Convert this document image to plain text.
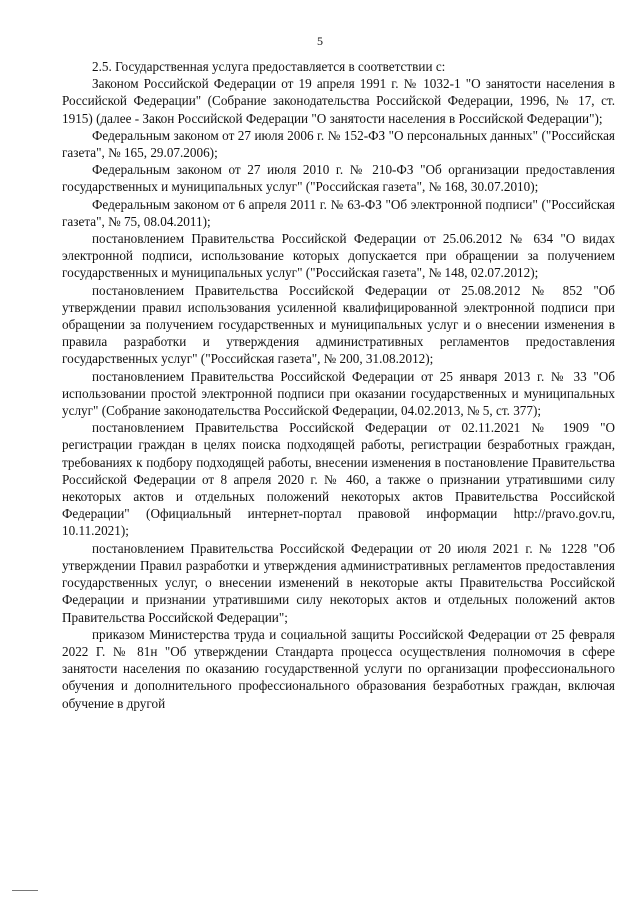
5

2.5. Государственная услуга предоставляется в соответствии с:

Законом Российской Федерации от 19 апреля 1991 г. № 1032-1 "О занятости населения в Российской Федерации" (Собрание законодательства Российской Федерации, 1996, № 17, ст. 1915) (далее - Закон Российской Федерации "О занятости населения в Российской Федерации");

Федеральным законом от 27 июля 2006 г. № 152-ФЗ "О персональных данных" ("Российская газета", № 165, 29.07.2006);

Федеральным законом от 27 июля 2010 г. № 210-ФЗ "Об организации предоставления государственных и муниципальных услуг" ("Российская газета", № 168, 30.07.2010);

Федеральным законом от 6 апреля 2011 г. № 63-ФЗ "Об электронной подписи" ("Российская газета", № 75, 08.04.2011);

постановлением Правительства Российской Федерации от 25.06.2012 № 634 "О видах электронной подписи, использование которых допускается при обращении за получением государственных и муниципальных услуг" ("Российская газета", № 148, 02.07.2012);

постановлением Правительства Российской Федерации от 25.08.2012 № 852 "Об утверждении правил использования усиленной квалифицированной электронной подписи при обращении за получением государственных и муниципальных услуг и о внесении изменения в правила разработки и утверждения административных регламентов предоставления государственных услуг" ("Российская газета", № 200, 31.08.2012);

постановлением Правительства Российской Федерации от 25 января 2013 г. № 33 "Об использовании простой электронной подписи при оказании государственных и муниципальных услуг" (Собрание законодательства Российской Федерации, 04.02.2013, № 5, ст. 377);

постановлением Правительства Российской Федерации от 02.11.2021 № 1909 "О регистрации граждан в целях поиска подходящей работы, регистрации безработных граждан, требованиях к подбору подходящей работы, внесении изменения в постановление Правительства Российской Федерации от 8 апреля 2020 г. № 460, а также о признании утратившими силу некоторых актов и отдельных положений некоторых актов Правительства Российской Федерации" (Официальный интернет-портал правовой информации http://pravo.gov.ru, 10.11.2021);

постановлением Правительства Российской Федерации от 20 июля 2021 г. № 1228 "Об утверждении Правил разработки и утверждения административных регламентов предоставления государственных услуг, о внесении изменений в некоторые акты Правительства Российской Федерации и признании утратившими силу некоторых актов и отдельных положений актов Правительства Российской Федерации";

приказом Министерства труда и социальной защиты Российской Федерации от 25 февраля 2022 Г. № 81н "Об утверждении Стандарта процесса осуществления полномочия в сфере занятости населения по оказанию государственной услуги по организации профессионального обучения и дополнительного профессионального образования безработных граждан, включая обучение в другой
